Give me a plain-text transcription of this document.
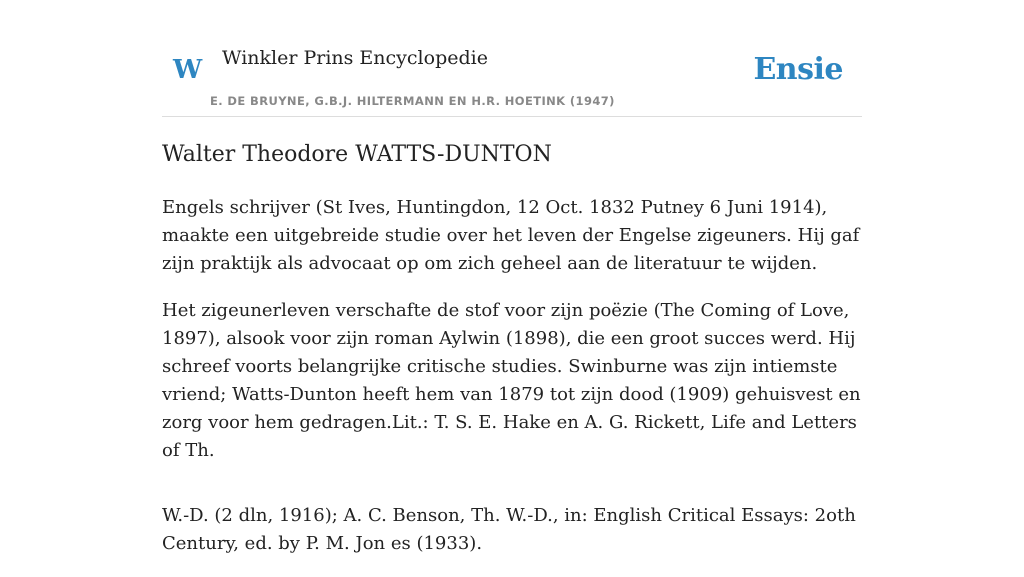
W Winkler Prins Encyclopedie
E. DE BRUYNE, G.B.J. HILTERMANN EN H.R. HOETINK (1947)
Ensie
Walter Theodore WATTS-DUNTON

Engels schrijver (St Ives, Huntingdon, 12 Oct. 1832 Putney 6 Juni 1914), maakte een uitgebreide studie over het leven der Engelse zigeuners. Hij gaf zijn praktijk als advocaat op om zich geheel aan de literatuur te wijden.

Het zigeunerleven verschafte de stof voor zijn poëzie (The Coming of Love, 1897), alsook voor zijn roman Aylwin (1898), die een groot succes werd. Hij schreef voorts belangrijke critische studies. Swinburne was zijn intiemste vriend; Watts-Dunton heeft hem van 1879 tot zijn dood (1909) gehuisvest en zorg voor hem gedragen.Lit.: T. S. E. Hake en A. G. Rickett, Life and Letters of Th.

W.-D. (2 dln, 1916); A. C. Benson, Th. W.-D., in: English Critical Essays: 2oth Century, ed. by P. M. Jon es (1933).
